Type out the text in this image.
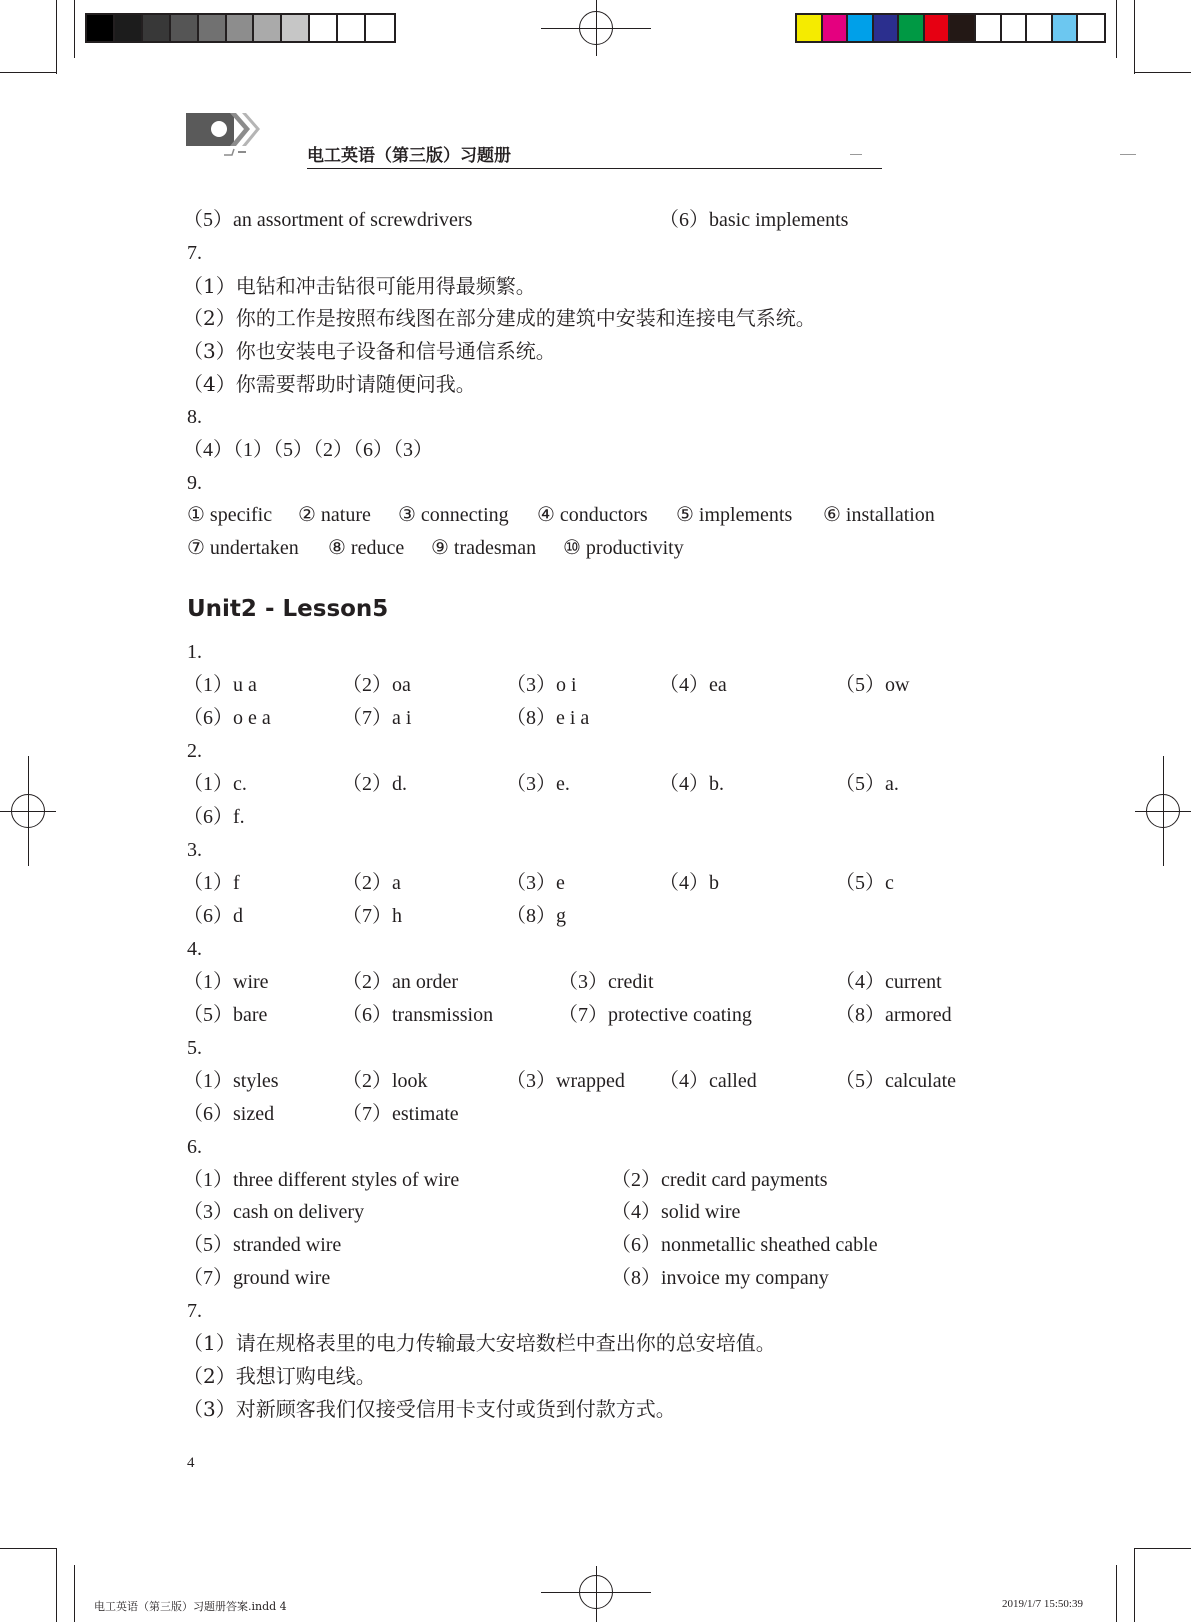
电工英语（第三版）习题册
（5）an assortment of screwdrivers	（6）basic implements
7.
（1）电钻和冲击钻很可能用得最频繁。
（2）你的工作是按照布线图在部分建成的建筑中安装和连接电气系统。
（3）你也安装电子设备和信号通信系统。
（4）你需要帮助时请随便问我。
8.
（4）（1）（5）（2）（6）（3）
9.
① specific ② nature ③ connecting ④ conductors ⑤ implements ⑥ installation
⑦ undertaken ⑧ reduce ⑨ tradesman ⑩ productivity
1.
（1）u a	（2）oa	（3）o i	（4）ea	（5）ow
（6）o e a	（7）a i	（8）e i a
2.
（1）c.	（2）d.	（3）e.	（4）b.	（5）a.
（6）f.
3.
（1）f	（2）a	（3）e	（4）b	（5）c
（6）d	（7）h	（8）g
4.
（1）wire	（2）an order	（3）credit	（4）current
（5）bare	（6）transmission	（7）protective coating	（8）armored
5.
（1）styles	（2）look	（3）wrapped （4）called	（5）calculate
（6）sized	（7）estimate
6.
（1）three different styles of wire	（2）credit card payments
（3）cash on delivery	（4）solid wire
（5）stranded wire	（6）nonmetallic sheathed cable
（7）ground wire	（8）invoice my company
7.
（1）请在规格表里的电力传输最大安培数栏中查出你的总安培值。
（2）我想订购电线。
（3）对新顾客我们仅接受信用卡支付或货到付款方式。
Unit2 - Lesson5
4
电工英语（第三版）习题册答案.indd 4	2019/1/7 15:50:39
